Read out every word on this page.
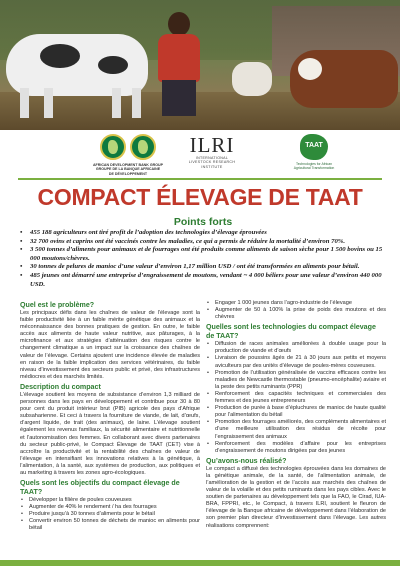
AFRICAN DEVELOPMENT BANK GROUP
GROUPE DE LA BANQUE AFRICAINE
DE DÉVELOPPEMENT
ILRI
INTERNATIONAL
LIVESTOCK RESEARCH
INSTITUTE
TAAT
Technologies for African
Agricultural Transformation
COMPACT ÉLEVAGE DE TAAT
Points forts
• 455 188 agriculteurs ont tiré profit de l’adoption des technologies d’élevage éprouvées
• 32 700 ovins et caprins ont été vaccinés contre les maladies, ce qui a permis de réduire la mortalité d’environ 70%.
• 3 500 tonnes d’aliments pour animaux et de fourrages ont été produits comme aliments de saison sèche pour 1 500 bovins ou 15 000 moutons/chèvres.
• 30 tonnes de pelures de manioc d’une valeur d’environ 1,17 million USD / ont été transformées en aliments pour bétail.
• 485 jeunes ont démarré une entreprise d’engraissement de moutons, vendant ~ 4 000 béliers pour une valeur d’environ 440 000 USD.
Quel est le problème?

Les principaux défis dans les chaînes de valeur de l’élevage sont la faible productivité liée à un faible mérite génétique des animaux et la méconnaissance des bonnes pratiques de gestion. En outre, le faible accès aux aliments de haute valeur nutritive, aux pâturages, à la microfinance et aux stratégies d’atténuation des risques contre le changement climatique a un impact sur la croissance des chaînes de valeur de l’élevage. Certains ajoutent une incidence élevée de maladies en raison de la faible implication des services vétérinaires, du faible niveau d’investissement des secteurs public et privé, des infrastructures médiocres et des marchés limités.

Description du compact

L’élevage soutient les moyens de subsistance d’environ 1,3 milliard de personnes dans les pays en développement et contribue pour 30 à 80 pour cent du produit intérieur brut (PIB) agricole des pays d’Afrique subsaharienne. Et ceci à travers la fourniture de viande, de lait, d’œufs, d’argent liquide, de trait (des animaux), de laine. L’élevage soutient également les revenus familiaux, la sécurité alimentaire et nutritionnelle et l’autonomisation des femmes. En collaborant avec divers partenaires du secteur public-privé, le Compact Élevage de TAAT (CET) vise à accroître la productivité et la rentabilité des chaînes de valeur de l’élevage en intensifiant les innovations relatives à la génétique, à l’alimentation, à la santé, aux systèmes de production, aux politiques et au marketing à travers les zones agro-écologiques.

Quels sont les objectifs du compact élevage de TAAT?
• Développer la filière de poules couveuses
• Augmenter de 40% le rendement / ha des fourrages
• Produire jusqu’à 30 tonnes d’aliments pour le bétail
• Convertir environ 50 tonnes de déchets de manioc en aliments pour bétail
• Engager 1 000 jeunes dans l’agro-industrie de l’élevage
• Augmenter de 50 à 100% la prise de poids des moutons et des chèvres
Quelles sont les technologies du compact élevage de TAAT?
• Diffusion de races animales améliorées à double usage pour la production de viande et d’œufs
• Livraison de poussins âgés de 21 à 30 jours aux petits et moyens aviculteurs par des unités d’élevage de poules-mères couveuses.
• Promotion de l’utilisation généralisée de vaccins efficaces contre les maladies de Newcastle thermostable (pneumo-encéphalite) aviaire et la peste des petits ruminants (PPR)
• Renforcement des capacités techniques et commerciales des femmes et des jeunes entrepreneurs
• Production de purée à base d’épluchures de manioc de haute qualité pour l’alimentation du bétail
• Promotion des fourrages améliorés, des compléments alimentaires et d’une meilleure utilisation des résidus de récolte pour l’engraissement des animaux
• Renforcement des modèles d’affaire pour les entreprises d’engraissement de moutons dirigées par des jeunes
Qu’avons-nous réalisé?

Le compact a diffusé des technologies éprouvées dans les domaines de la génétique animale, de la santé, de l’alimentation animale, de l’amélioration de la gestion et de l’accès aux marchés des chaînes de valeur de la volaille et des petits ruminants dans les pays cibles. Avec le soutien de partenaires au développement tels que la FAO, le Cirad, IUA-BRA, FPPRI, etc., le Compact, à travers ILRI, soutient le fleuron de l’élevage de la Banque africaine de développement dans l’élaboration de son premier plan directeur d’investissement dans l’élevage. Les autres réalisations comprennent:
